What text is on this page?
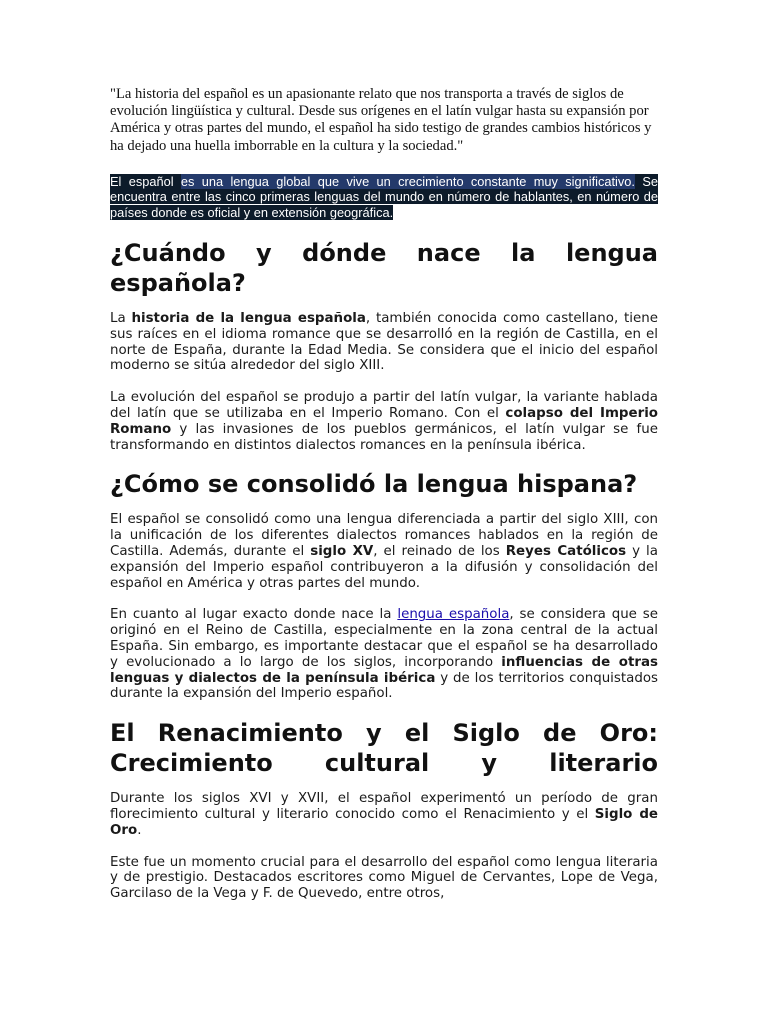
"La historia del español es un apasionante relato que nos transporta a través de siglos de evolución lingüística y cultural. Desde sus orígenes en el latín vulgar hasta su expansión por América y otras partes del mundo, el español ha sido testigo de grandes cambios históricos y ha dejado una huella imborrable en la cultura y la sociedad."

El español es una lengua global que vive un crecimiento constante muy significativo. Se encuentra entre las cinco primeras lenguas del mundo en número de hablantes, en número de países donde es oficial y en extensión geográfica.

¿Cuándo y dónde nace la lengua española?

La historia de la lengua española, también conocida como castellano, tiene sus raíces en el idioma romance que se desarrolló en la región de Castilla, en el norte de España, durante la Edad Media. Se considera que el inicio del español moderno se sitúa alrededor del siglo XIII.

La evolución del español se produjo a partir del latín vulgar, la variante hablada del latín que se utilizaba en el Imperio Romano. Con el colapso del Imperio Romano y las invasiones de los pueblos germánicos, el latín vulgar se fue transformando en distintos dialectos romances en la península ibérica.

¿Cómo se consolidó la lengua hispana?

El español se consolidó como una lengua diferenciada a partir del siglo XIII, con la unificación de los diferentes dialectos romances hablados en la región de Castilla. Además, durante el siglo XV, el reinado de los Reyes Católicos y la expansión del Imperio español contribuyeron a la difusión y consolidación del español en América y otras partes del mundo.

En cuanto al lugar exacto donde nace la lengua española, se considera que se originó en el Reino de Castilla, especialmente en la zona central de la actual España. Sin embargo, es importante destacar que el español se ha desarrollado y evolucionado a lo largo de los siglos, incorporando influencias de otras lenguas y dialectos de la península ibérica y de los territorios conquistados durante la expansión del Imperio español.

El Renacimiento y el Siglo de Oro: Crecimiento cultural y literario

Durante los siglos XVI y XVII, el español experimentó un período de gran florecimiento cultural y literario conocido como el Renacimiento y el Siglo de Oro.

Este fue un momento crucial para el desarrollo del español como lengua literaria y de prestigio. Destacados escritores como Miguel de Cervantes, Lope de Vega, Garcilaso de la Vega y F. de Quevedo, entre otros,
